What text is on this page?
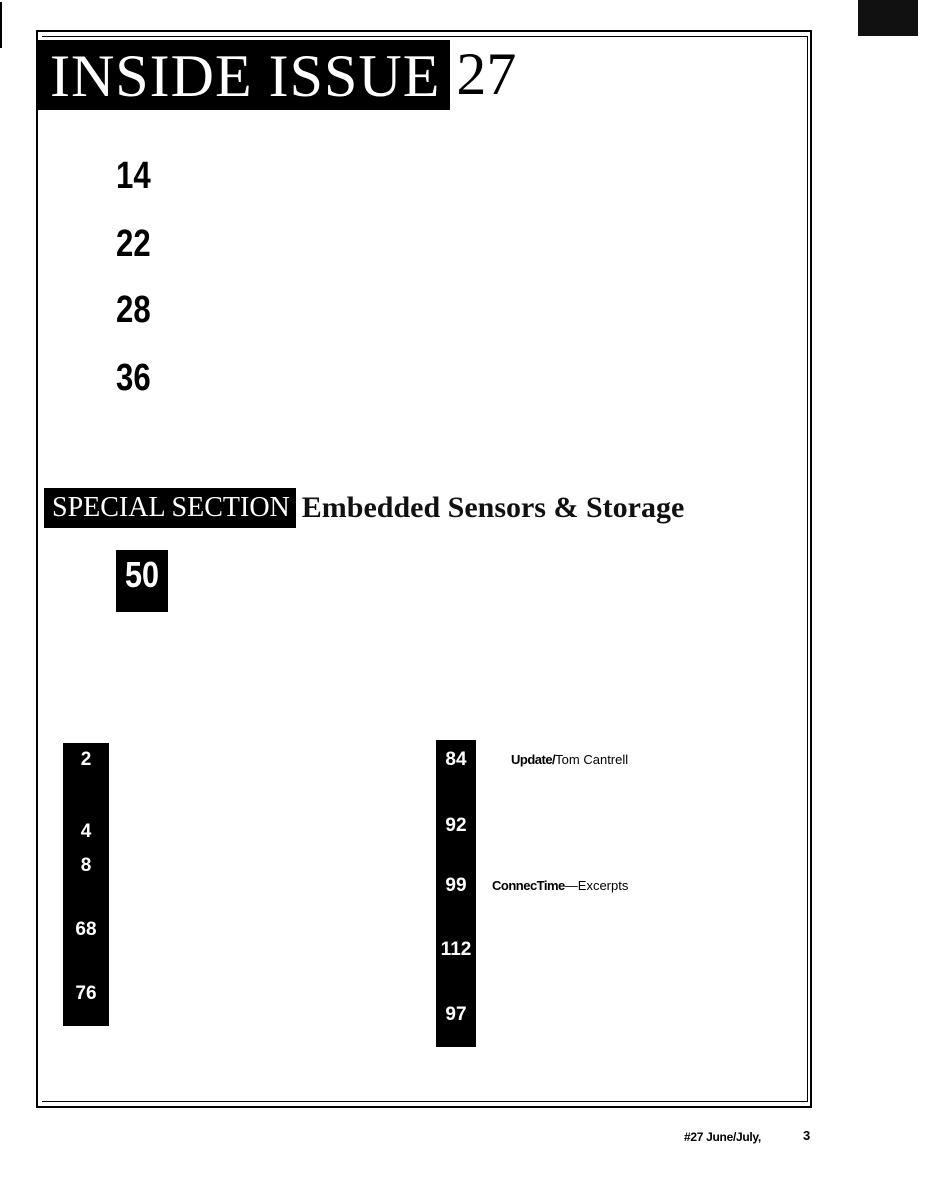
INSIDE ISSUE 27
14
22
28
36
SPECIAL SECTION Embedded Sensors & Storage
50
2
4
8
68
76
84
92
99
112
97
Update/Tom Cantrell
ConnecTime—Excerpts
#27 June/July,	3
